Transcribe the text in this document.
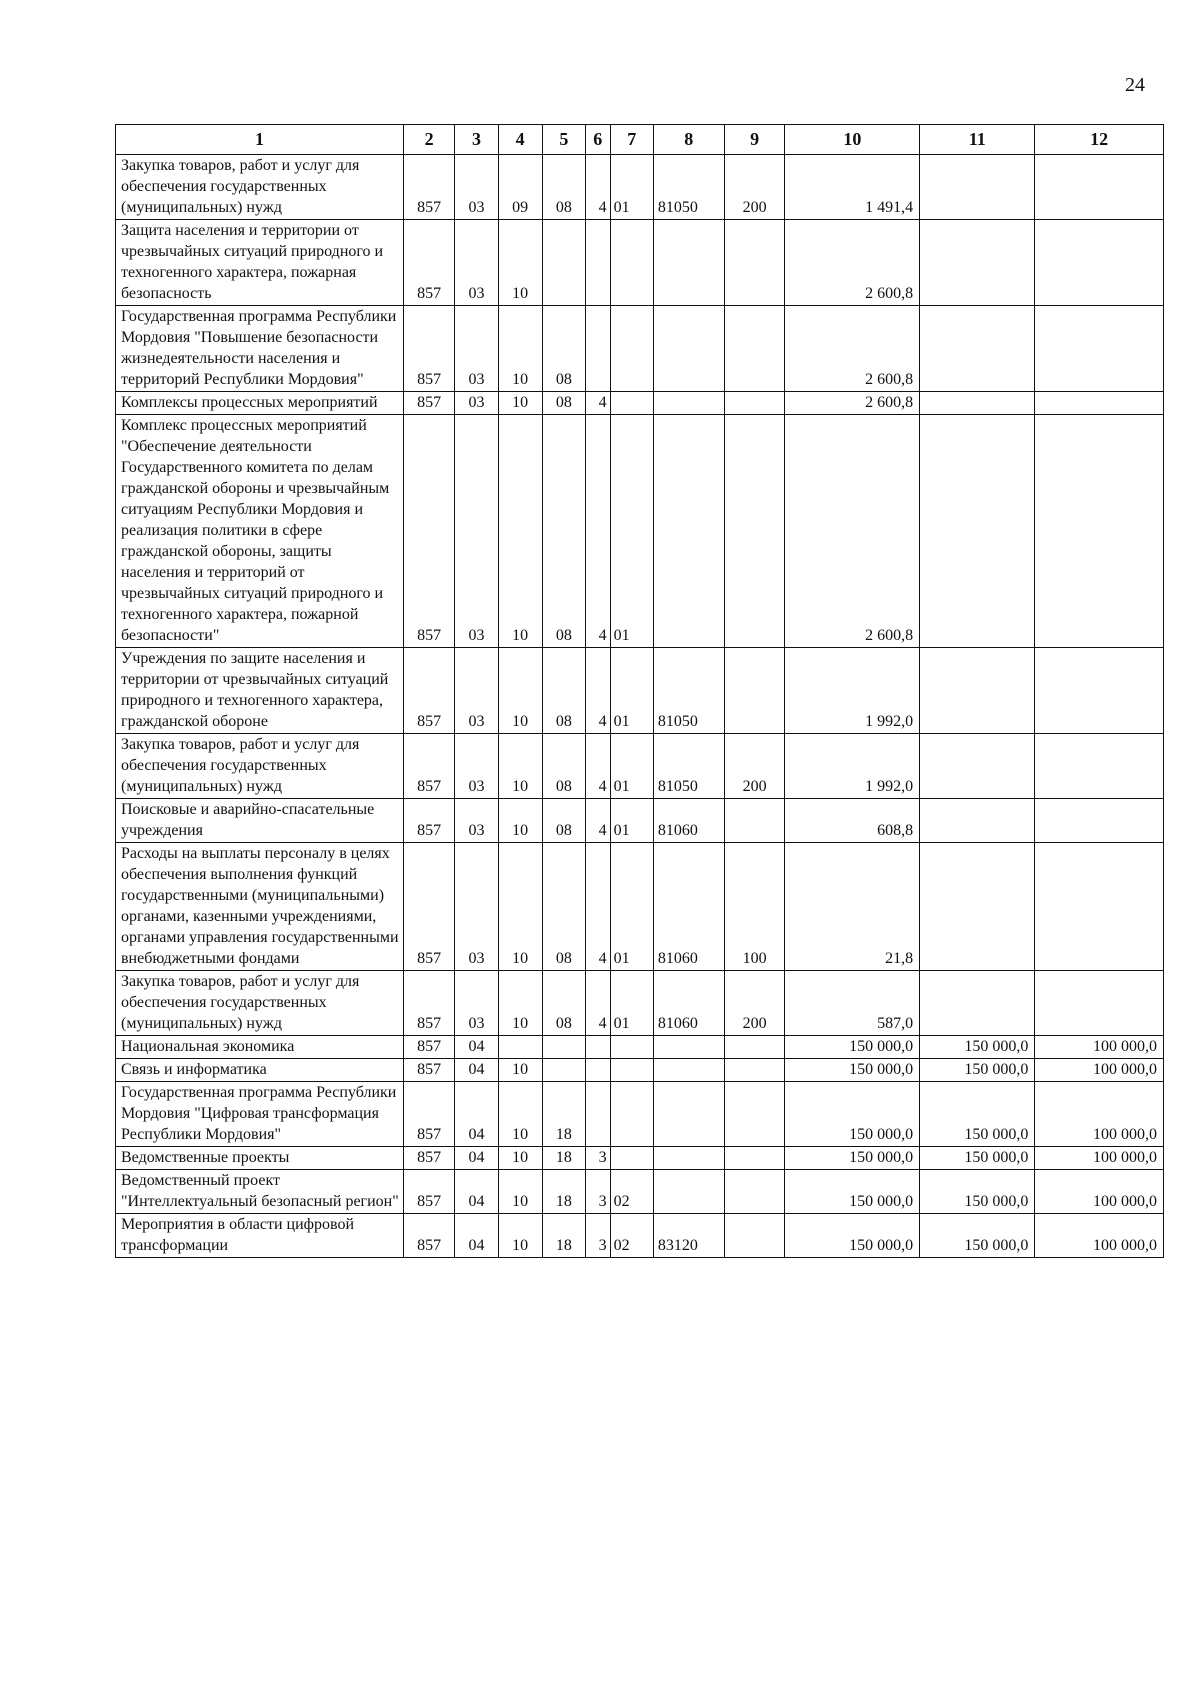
24
1	2	3	4	5	6	7	8	9	10	11	12
Закупка товаров, работ и услуг для обеспечения государственных (муниципальных) нужд	857	03	09	08	4	01	81050	200	1 491,4		
Защита населения и территории от чрезвычайных ситуаций природного и техногенного характера, пожарная безопасность	857	03	10						2 600,8		
Государственная программа Республики Мордовия "Повышение безопасности жизнедеятельности населения и территорий Республики Мордовия"	857	03	10	08					2 600,8		
Комплексы процессных мероприятий	857	03	10	08	4				2 600,8		
Комплекс процессных мероприятий "Обеспечение деятельности Государственного комитета по делам гражданской обороны и чрезвычайным ситуациям Республики Мордовия и реализация политики в сфере гражданской обороны, защиты населения и территорий от чрезвычайных ситуаций природного и техногенного характера, пожарной безопасности"	857	03	10	08	4	01			2 600,8		
Учреждения по защите населения и территории от чрезвычайных ситуаций природного и техногенного характера, гражданской обороне	857	03	10	08	4	01	81050		1 992,0		
Закупка товаров, работ и услуг для обеспечения государственных (муниципальных) нужд	857	03	10	08	4	01	81050	200	1 992,0		
Поисковые и аварийно-спасательные учреждения	857	03	10	08	4	01	81060		608,8		
Расходы на выплаты персоналу в целях обеспечения выполнения функций государственными (муниципальными) органами, казенными учреждениями, органами управления государственными внебюджетными фондами	857	03	10	08	4	01	81060	100	21,8		
Закупка товаров, работ и услуг для обеспечения государственных (муниципальных) нужд	857	03	10	08	4	01	81060	200	587,0		
Национальная экономика	857	04							150 000,0	150 000,0	100 000,0
Связь и информатика	857	04	10						150 000,0	150 000,0	100 000,0
Государственная программа Республики Мордовия "Цифровая трансформация Республики Мордовия"	857	04	10	18					150 000,0	150 000,0	100 000,0
Ведомственные проекты	857	04	10	18	3				150 000,0	150 000,0	100 000,0
Ведомственный проект "Интеллектуальный безопасный регион"	857	04	10	18	3	02			150 000,0	150 000,0	100 000,0
Мероприятия в области цифровой трансформации	857	04	10	18	3	02	83120		150 000,0	150 000,0	100 000,0
